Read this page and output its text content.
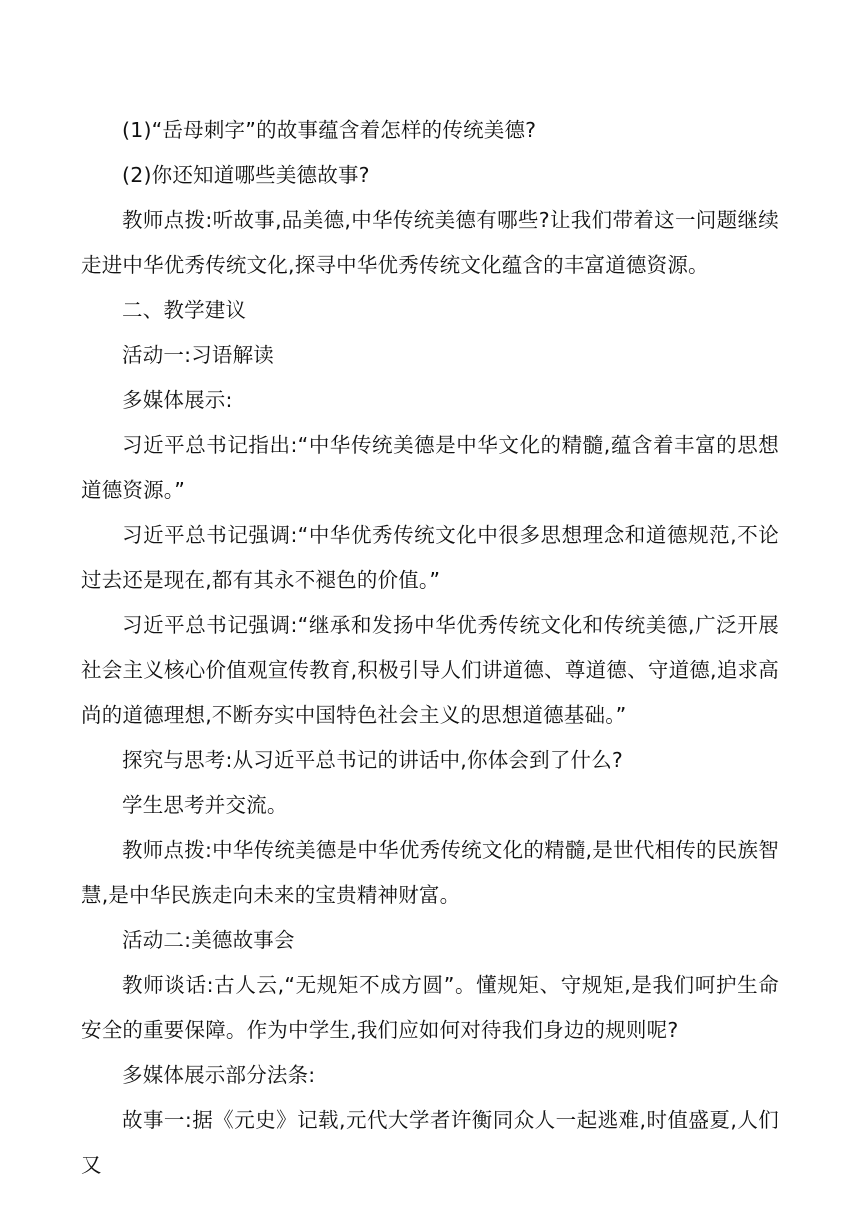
(1)“岳母刺字”的故事蕴含着怎样的传统美德?

(2)你还知道哪些美德故事?

教师点拨:听故事,品美德,中华传统美德有哪些?让我们带着这一问题继续走进中华优秀传统文化,探寻中华优秀传统文化蕴含的丰富道德资源。

二、教学建议

活动一:习语解读

多媒体展示:

习近平总书记指出:“中华传统美德是中华文化的精髓,蕴含着丰富的思想道德资源。”

习近平总书记强调:“中华优秀传统文化中很多思想理念和道德规范,不论过去还是现在,都有其永不褪色的价值。”

习近平总书记强调:“继承和发扬中华优秀传统文化和传统美德,广泛开展社会主义核心价值观宣传教育,积极引导人们讲道德、尊道德、守道德,追求高尚的道德理想,不断夯实中国特色社会主义的思想道德基础。”

探究与思考:从习近平总书记的讲话中,你体会到了什么?

学生思考并交流。

教师点拨:中华传统美德是中华优秀传统文化的精髓,是世代相传的民族智慧,是中华民族走向未来的宝贵精神财富。

活动二:美德故事会

教师谈话:古人云,“无规矩不成方圆”。懂规矩、守规矩,是我们呵护生命安全的重要保障。作为中学生,我们应如何对待我们身边的规则呢?

多媒体展示部分法条:

故事一:据《元史》记载,元代大学者许衡同众人一起逃难,时值盛夏,人们又
